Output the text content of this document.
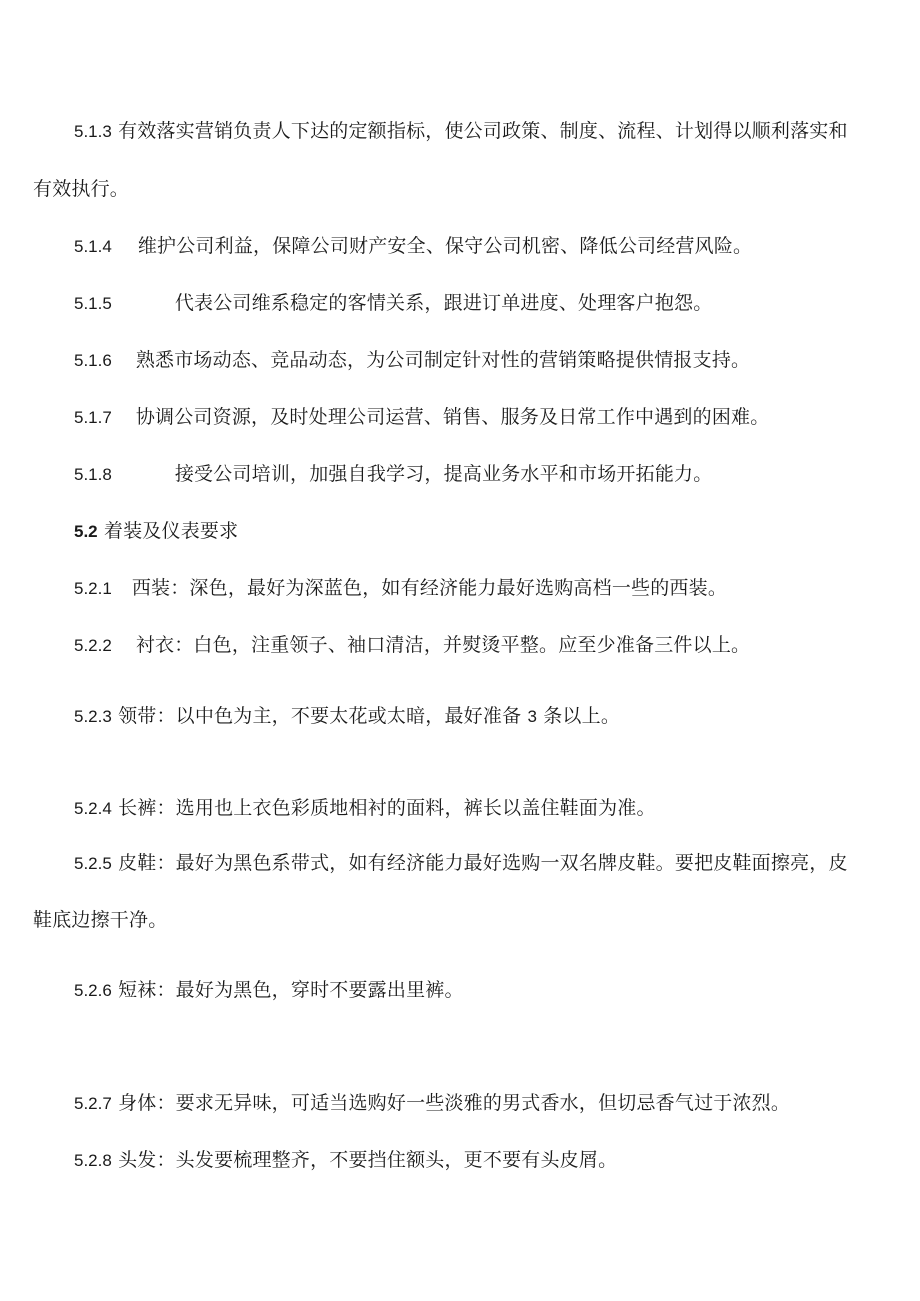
5.1.3 有效落实营销负责人下达的定额指标，使公司政策、制度、流程、计划得以顺利落实和
有效执行。
5.1.4 维护公司利益，保障公司财产安全、保守公司机密、降低公司经营风险。
5.1.5	代表公司维系稳定的客情关系，跟进订单进度、处理客户抱怨。
5.1.6 熟悉市场动态、竞品动态，为公司制定针对性的营销策略提供情报支持。
5.1.7 协调公司资源，及时处理公司运营、销售、服务及日常工作中遇到的困难。
5.1.8	接受公司培训，加强自我学习，提高业务水平和市场开拓能力。
5.2 着装及仪表要求
5.2.1 西装：深色，最好为深蓝色，如有经济能力最好选购高档一些的西装。
5.2.2 衬衣：白色，注重领子、袖口清洁，并熨烫平整。应至少准备三件以上。
5.2.3 领带：以中色为主，不要太花或太暗，最好准备 3 条以上。
5.2.4 长裤：选用也上衣色彩质地相衬的面料，裤长以盖住鞋面为准。
5.2.5 皮鞋：最好为黑色系带式，如有经济能力最好选购一双名牌皮鞋。要把皮鞋面擦亮，皮
鞋底边擦干净。
5.2.6 短袜：最好为黑色，穿时不要露出里裤。
5.2.7 身体：要求无异味，可适当选购好一些淡雅的男式香水，但切忌香气过于浓烈。
5.2.8 头发：头发要梳理整齐，不要挡住额头，更不要有头皮屑。
